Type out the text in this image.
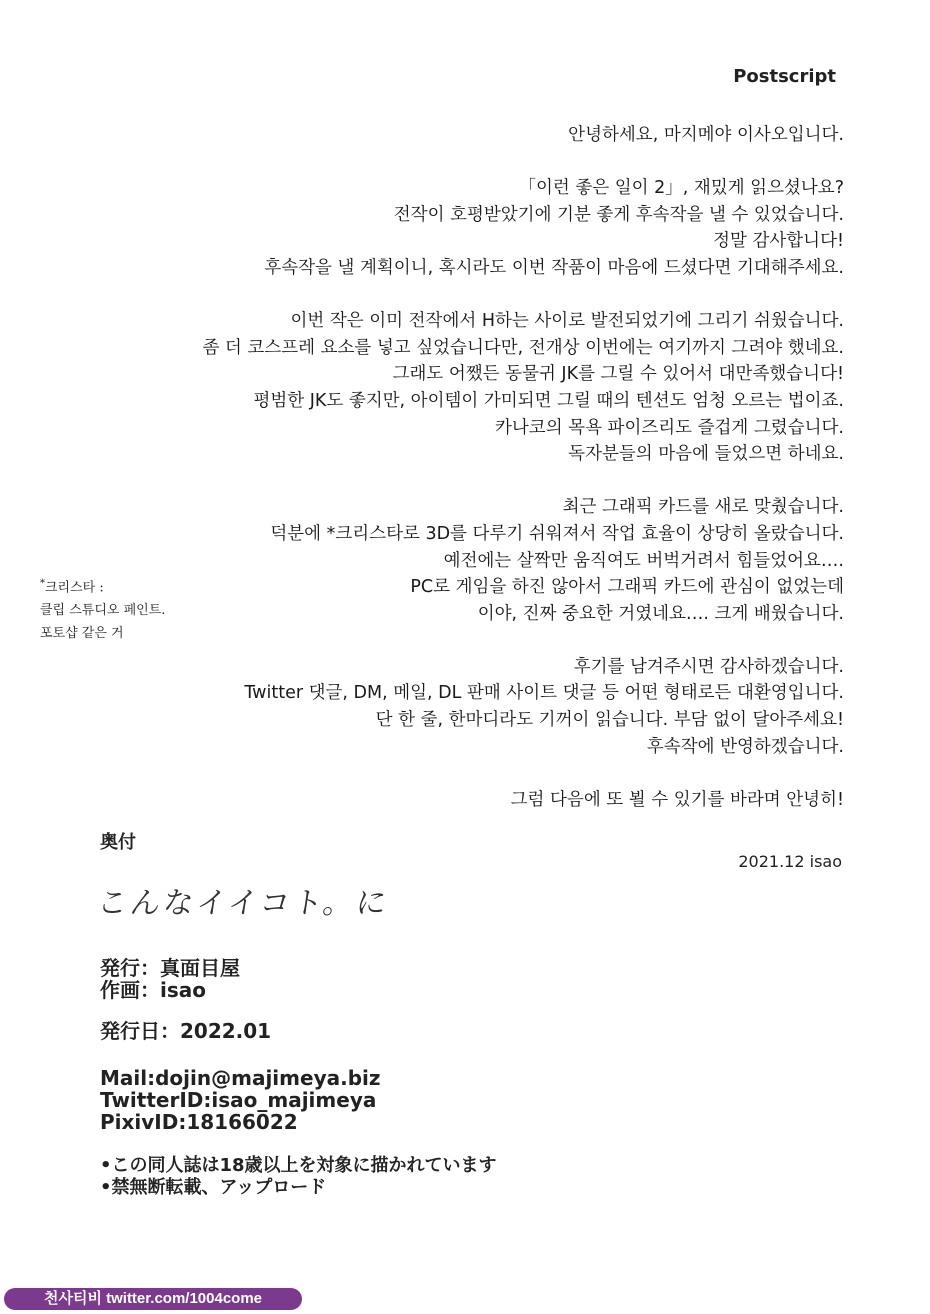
Postscript

안녕하세요, 마지메야 이사오입니다.

「이런 좋은 일이 2」, 재밌게 읽으셨나요?
전작이 호평받았기에 기분 좋게 후속작을 낼 수 있었습니다.
정말 감사합니다!
후속작을 낼 계획이니, 혹시라도 이번 작품이 마음에 드셨다면 기대해주세요.

이번 작은 이미 전작에서 H하는 사이로 발전되었기에 그리기 쉬웠습니다.
좀 더 코스프레 요소를 넣고 싶었습니다만, 전개상 이번에는 여기까지 그려야 했네요.
그래도 어쨌든 동물귀 JK를 그릴 수 있어서 대만족했습니다!
평범한 JK도 좋지만, 아이템이 가미되면 그릴 때의 텐션도 엄청 오르는 법이죠.
카나코의 목욕 파이즈리도 즐겁게 그렸습니다.
독자분들의 마음에 들었으면 하네요.

최근 그래픽 카드를 새로 맞췄습니다.
덕분에 *크리스타로 3D를 다루기 쉬워져서 작업 효율이 상당히 올랐습니다.
예전에는 살짝만 움직여도 버벅거려서 힘들었어요….
PC로 게임을 하진 않아서 그래픽 카드에 관심이 없었는데
이야, 진짜 중요한 거였네요…. 크게 배웠습니다.

후기를 남겨주시면 감사하겠습니다.
Twitter 댓글, DM, 메일, DL 판매 사이트 댓글 등 어떤 형태로든 대환영입니다.
단 한 줄, 한마디라도 기꺼이 읽습니다. 부담 없이 달아주세요!
후속작에 반영하겠습니다.

그럼 다음에 또 뵐 수 있기를 바라며 안녕히!

*크리스타 :
클립 스튜디오 페인트.
포토샵 같은 거
2021.12 isao
奥付
こんなイイコト。に
発行：真面目屋
作画：isao
発行日：2022.01
Mail:dojin@majimeya.biz
TwitterID:isao_majimeya
PixivID:18166022
•この同人誌は18歳以上を対象に描かれています
•禁無断転載、アップロード
천사티비 twitter.com/1004come
